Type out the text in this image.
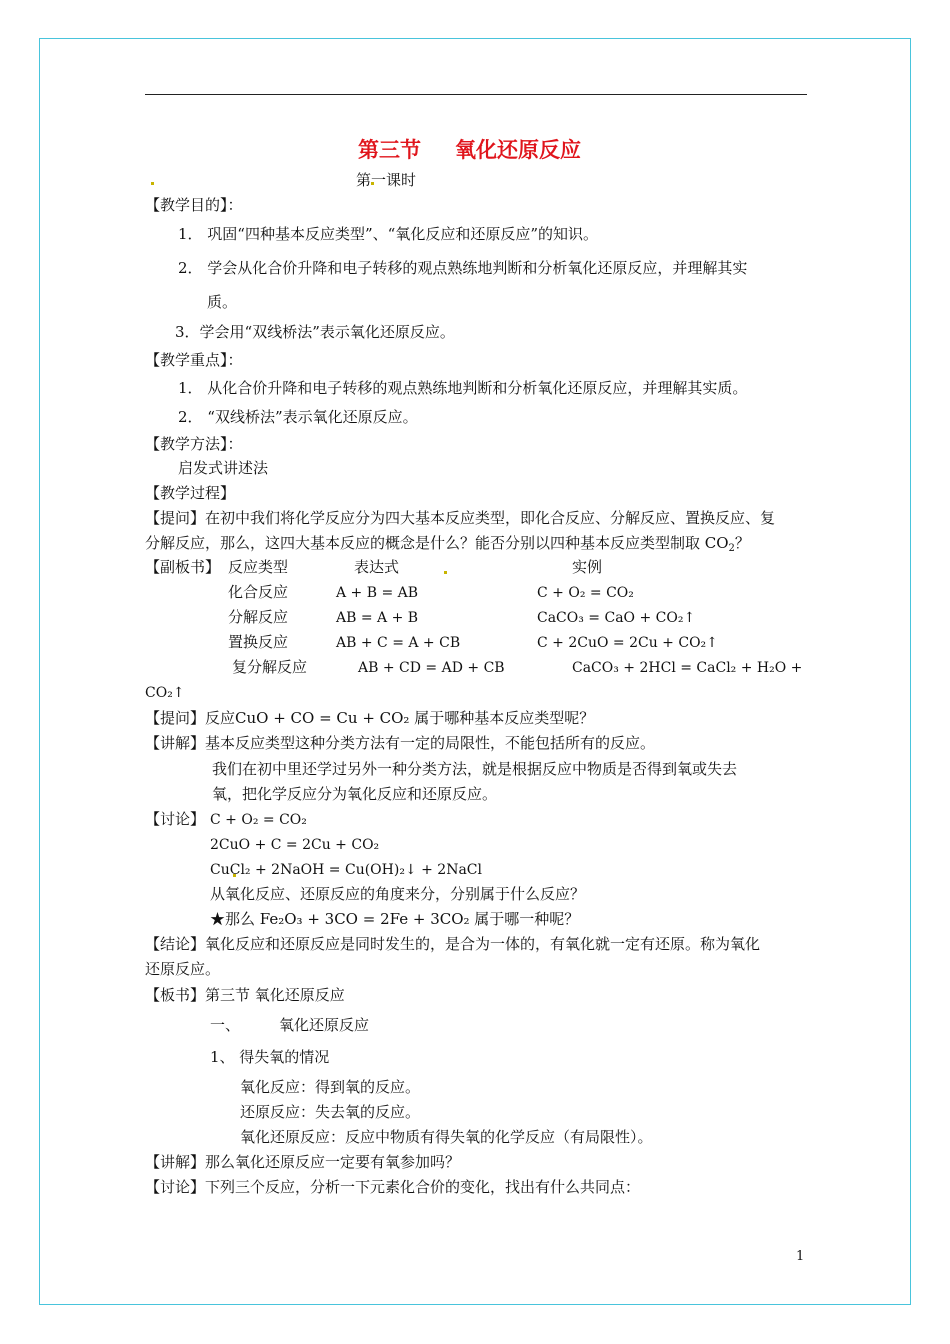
第三节 氧化还原反应
第一课时
【教学目的】：
1． 巩固“四种基本反应类型”、“氧化反应和还原反应”的知识。
2． 学会从化合价升降和电子转移的观点熟练地判断和分析氧化还原反应，并理解其实
质。
3．学会用“双线桥法”表示氧化还原反应。
【教学重点】：
1． 从化合价升降和电子转移的观点熟练地判断和分析氧化还原反应，并理解其实质。
2． “双线桥法”表示氧化还原反应。
【教学方法】：
启发式讲述法
【教学过程】
【提问】在初中我们将化学反应分为四大基本反应类型，即化合反应、分解反应、置换反应、复
分解反应，那么，这四大基本反应的概念是什么？能否分别以四种基本反应类型制取 $CO_2$？
【副板书】 反应类型	表达式	实例
化合反应	A + B = AB	C + O₂ = CO₂
分解反应	AB = A + B	CaCO₃ = CaO + CO₂↑
置换反应	AB + C = A + CB	C + 2CuO = 2Cu + CO₂↑
复分解反应	AB + CD = AD + CB	CaCO₃ + 2HCl = CaCl₂ + H₂O +
CO₂↑
【提问】反应CuO + CO = Cu + CO₂ 属于哪种基本反应类型呢？
【讲解】基本反应类型这种分类方法有一定的局限性，不能包括所有的反应。
我们在初中里还学过另外一种分类方法，就是根据反应中物质是否得到氧或失去
氧，把化学反应分为氧化反应和还原反应。
【讨论】 C + O₂ = CO₂
2CuO + C = 2Cu + CO₂
CuCl₂ + 2NaOH = Cu(OH)₂↓ + 2NaCl
从氧化反应、还原反应的角度来分，分别属于什么反应？
★那么 Fe₂O₃ + 3CO = 2Fe + 3CO₂ 属于哪一种呢？
【结论】氧化反应和还原反应是同时发生的，是合为一体的，有氧化就一定有还原。称为氧化
还原反应。
【板书】第三节 氧化还原反应
一、	氧化还原反应
1、 得失氧的情况
氧化反应：得到氧的反应。
还原反应：失去氧的反应。
氧化还原反应：反应中物质有得失氧的化学反应（有局限性）。
【讲解】那么氧化还原反应一定要有氧参加吗？
【讨论】下列三个反应，分析一下元素化合价的变化，找出有什么共同点：
1
